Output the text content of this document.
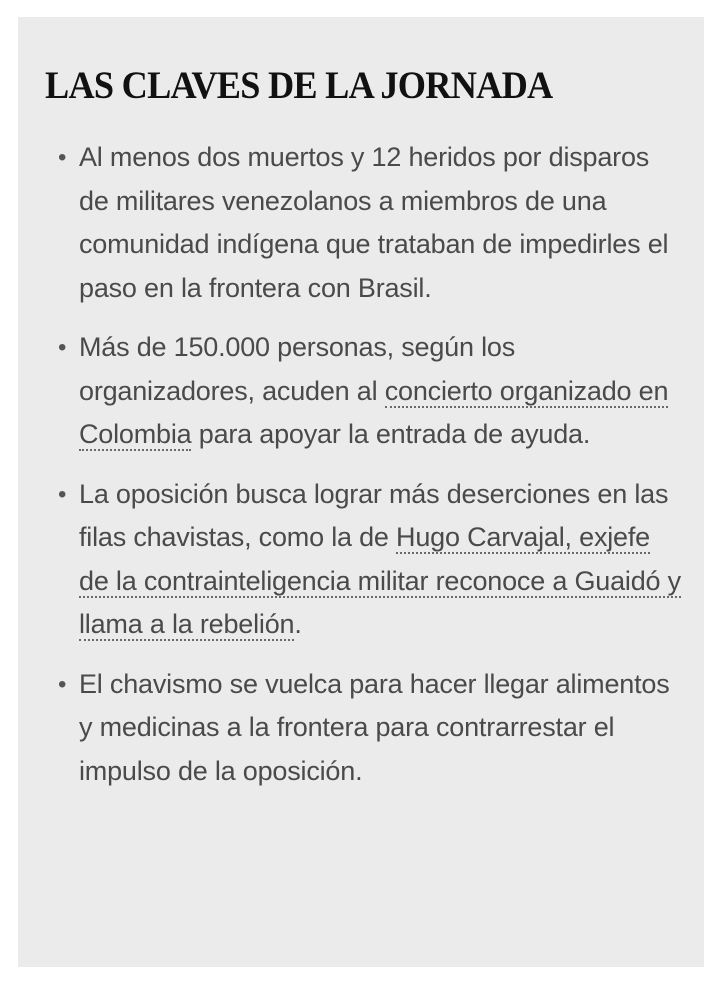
LAS CLAVES DE LA JORNADA
• Al menos dos muertos y 12 heridos por disparos de militares venezolanos a miembros de una comunidad indígena que trataban de impedirles el paso en la frontera con Brasil.
• Más de 150.000 personas, según los organizadores, acuden al concierto organizado en Colombia para apoyar la entrada de ayuda.
• La oposición busca lograr más deserciones en las filas chavistas, como la de Hugo Carvajal, exjefe de la contrainteligencia militar reconoce a Guaidó y llama a la rebelión.
• El chavismo se vuelca para hacer llegar alimentos y medicinas a la frontera para contrarrestar el impulso de la oposición.
